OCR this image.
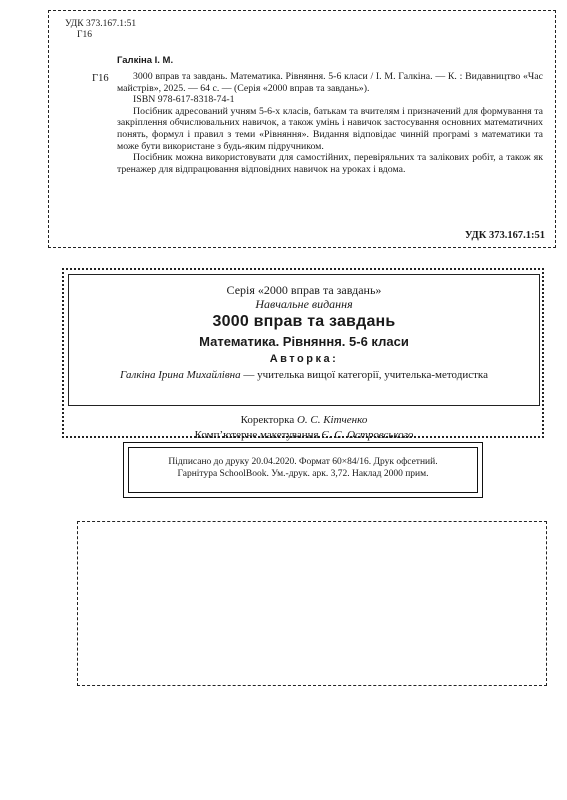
УДК 373.167.1:51
Г16
Галкіна І. М.
Г16	3000 вправ та завдань. Математика. Рівняння. 5-6 класи / І. М. Галкіна. — К. : Видавництво «Час майстрів», 2025. — 64 с. — (Серія «2000 вправ та завдань»).

ISBN 978-617-8318-74-1

Посібник адресований учням 5-6-х класів, батькам та вчителям і призначений для формування та закріплення обчислювальних навичок, а також умінь і навичок застосування основних математичних понять, формул і правил з теми «Рівняння». Видання відповідає чинній програмі з математики та може бути використане з будь-яким підручником.

Посібник можна використовувати для самостійних, перевіряльних та залікових робіт, а також як тренажер для відпрацювання відповідних навичок на уроках і вдома.

УДК 373.167.1:51
Серія «2000 вправ та завдань»
Навчальне видання
3000 вправ та завдань
Математика. Рівняння. 5-6 класи
Авторка:
Галкіна Ірина Михайлівна — учителька вищої категорії, учителька-методистка
Коректорка О. С. Кітченко
Комп’ютерне макетування Є. С. Островського
Підписано до друку 20.04.2020. Формат 60×84/16. Друк офсетний.
Гарнітура SchoolBook. Ум.-друк. арк. 3,72. Наклад 2000 прим.
